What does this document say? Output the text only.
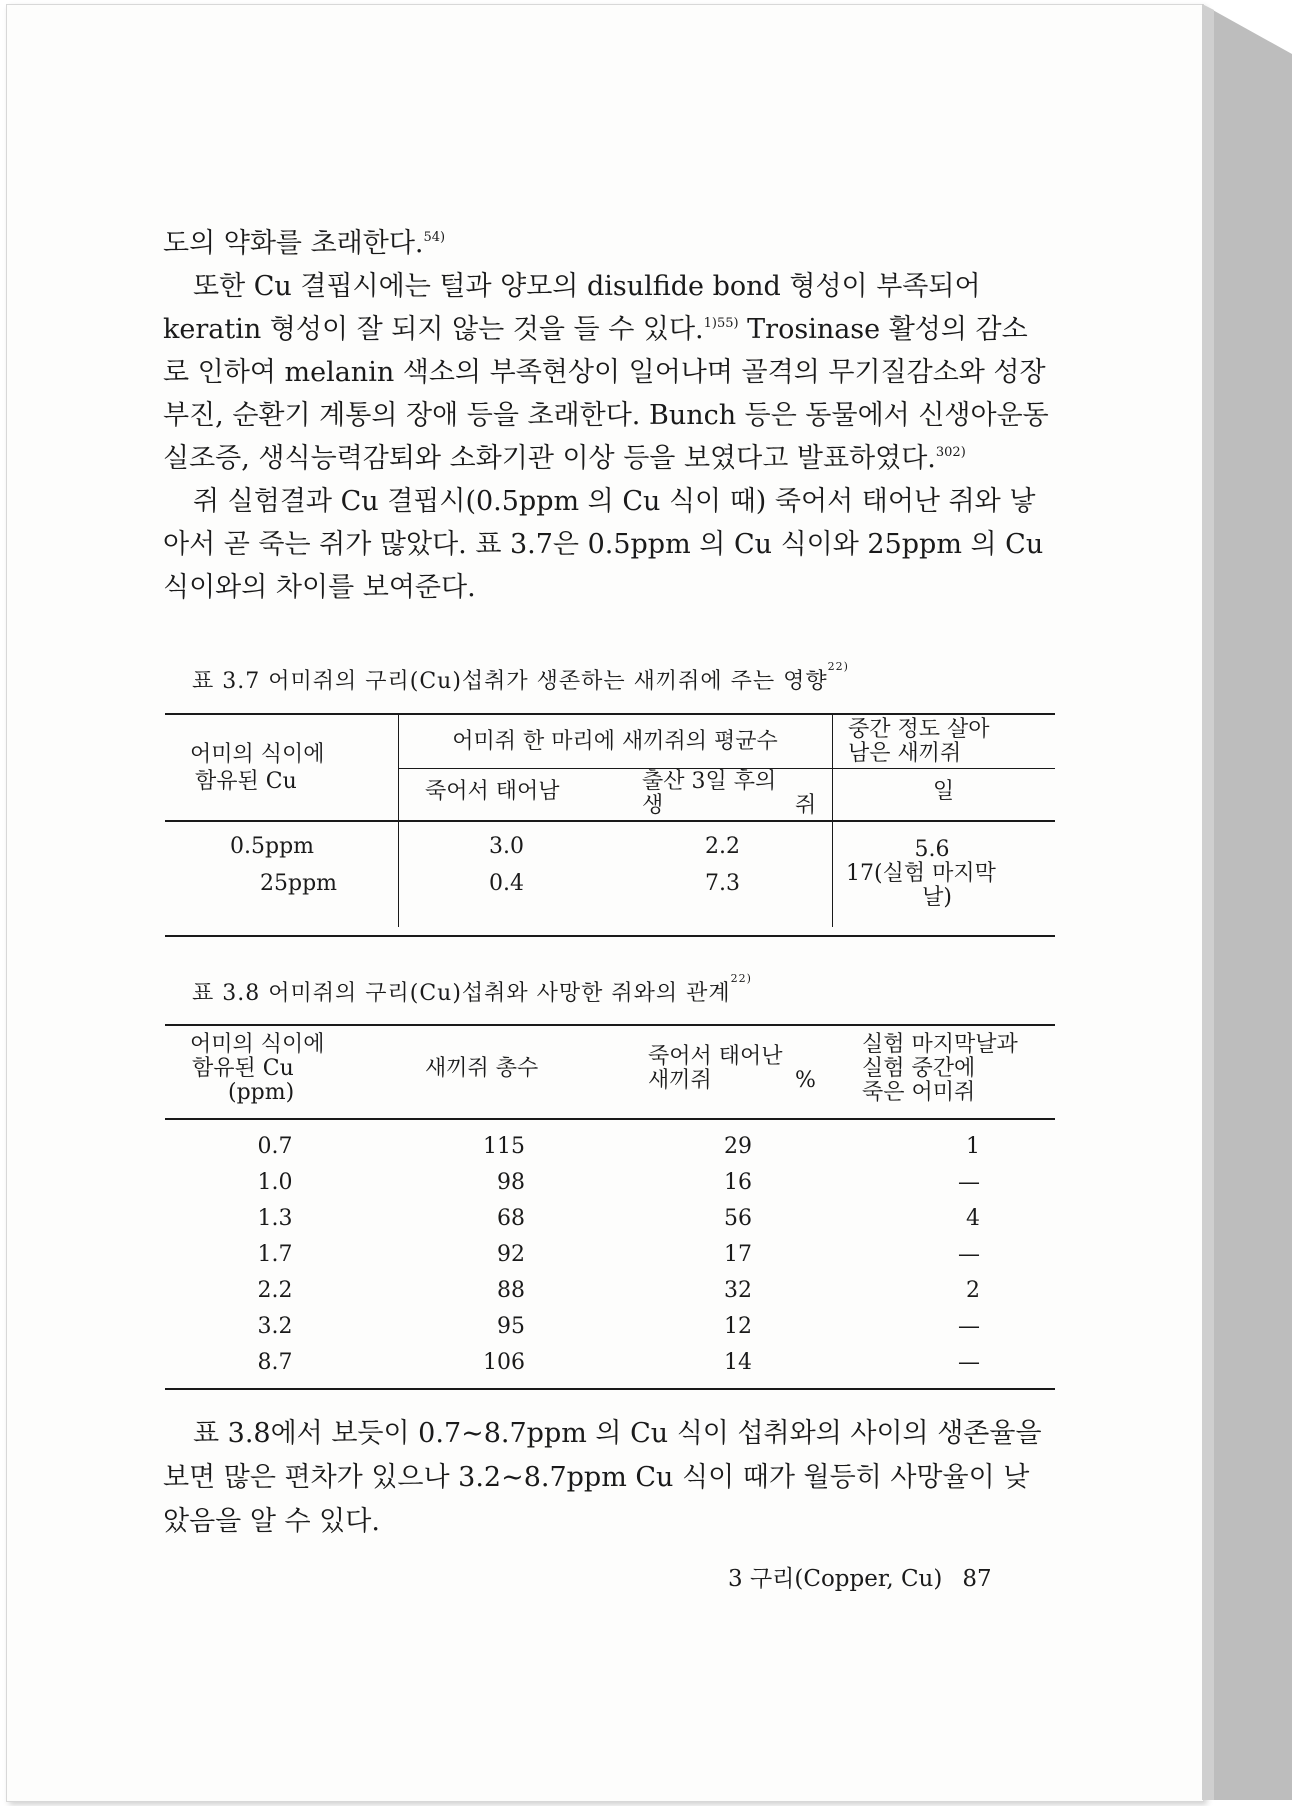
도의 약화를 초래한다.$^{54)}$

또한 Cu 결핍시에는 털과 양모의 disulfide bond 형성이 부족되어 keratin 형성이 잘 되지 않는 것을 들 수 있다.$^{1)55)}$ Trosinase 활성의 감소로 인하여 melanin 색소의 부족현상이 일어나며 골격의 무기질감소와 성장부진, 순환기 계통의 장애 등을 초래한다. Bunch 등은 동물에서 신생아운동실조증, 생식능력감퇴와 소화기관 이상 등을 보였다고 발표하였다.$^{302)}$

쥐 실험결과 Cu 결핍시(0.5ppm 의 Cu 식이 때) 죽어서 태어난 쥐와 낳아서 곧 죽는 쥐가 많았다. 표 3.7은 0.5ppm 의 Cu 식이와 25ppm 의 Cu 식이와의 차이를 보여준다.

표 3.7 어미쥐의 구리(Cu)섭취가 생존하는 새끼쥐에 주는 영향$^{22)}$
어미의 식이에
함유된 Cu
어미쥐 한 마리에 새끼쥐의 평균수
죽어서 태어남	출산 3일 후의
생	쥐
중간 정도 살아
남은 새끼쥐
일
0.5ppm	3.0	2.2	5.6
25ppm	0.4	7.3	17(실험 마지막
날)
표 3.8 어미쥐의 구리(Cu)섭취와 사망한 쥐와의 관계$^{22)}$
어미의 식이에
함유된 Cu
(ppm)
새끼쥐 총수	죽어서 태어난
새끼쥐	%
실험 마지막날과
실험 중간에
죽은 어미쥐
0.7	115	29	1
1.0	98	16	—
1.3	68	56	4
1.7	92	17	—
2.2	88	32	2
3.2	95	12	—
8.7	106	14	—

표 3.8에서 보듯이 0.7∼8.7ppm 의 Cu 식이 섭취와의 사이의 생존율을 보면 많은 편차가 있으나 3.2∼8.7ppm Cu 식이 때가 월등히 사망율이 낮았음을 알 수 있다.

3 구리(Copper, Cu) 87
